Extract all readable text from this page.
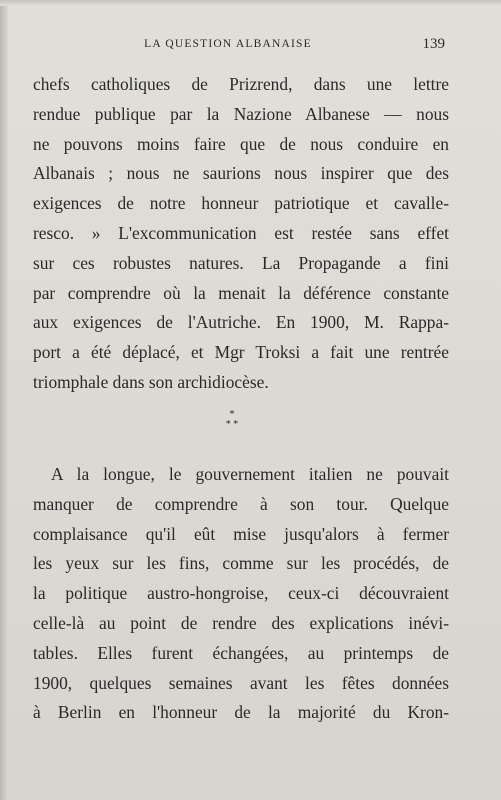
LA QUESTION ALBANAISE	139
chefs catholiques de Prizrend, dans une lettre
rendue publique par la Nazione Albanese — nous
ne pouvons moins faire que de nous conduire en
Albanais ; nous ne saurions nous inspirer que des
exigences de notre honneur patriotique et cavalle-
resco. » L'excommunication est restée sans effet
sur ces robustes natures. La Propagande a fini
par comprendre où la menait la déférence constante
aux exigences de l'Autriche. En 1900, M. Rappa-
port a été déplacé, et Mgr Troksi a fait une rentrée
triomphale dans son archidiocèse.
*
* *
A la longue, le gouvernement italien ne pouvait
manquer de comprendre à son tour. Quelque
complaisance qu'il eût mise jusqu'alors à fermer
les yeux sur les fins, comme sur les procédés, de
la politique austro-hongroise, ceux-ci découvraient
celle-là au point de rendre des explications inévi-
tables. Elles furent échangées, au printemps de
1900, quelques semaines avant les fêtes données
à Berlin en l'honneur de la majorité du Kron-
